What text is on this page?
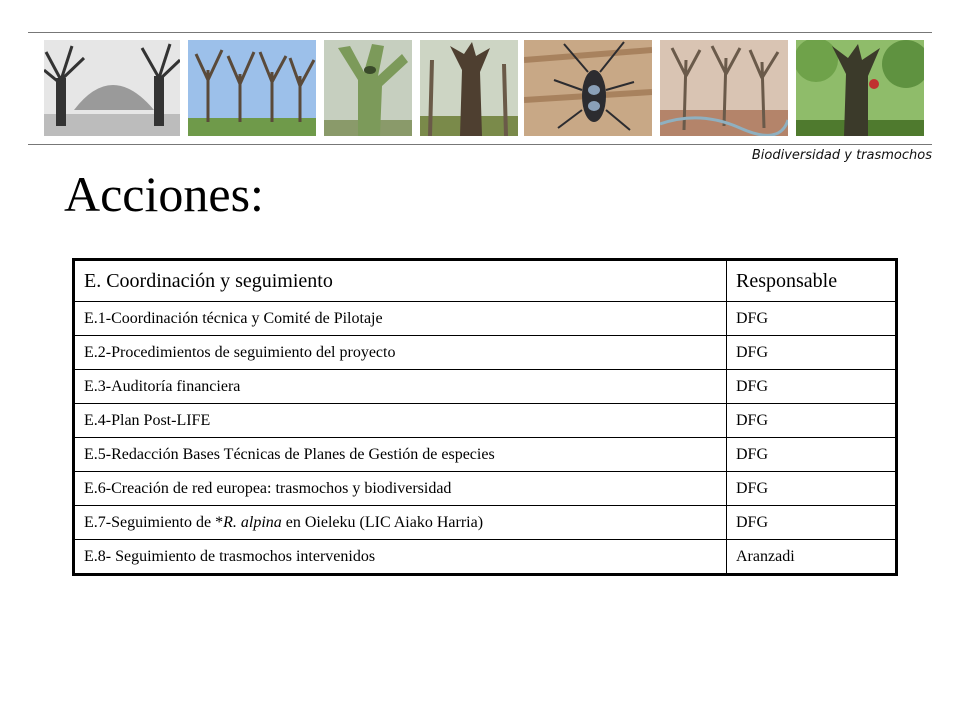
Biodiversidad y trasmochos
Acciones:
E. Coordinación y seguimiento	Responsable
E.1-Coordinación técnica y Comité de Pilotaje	DFG
E.2-Procedimientos de seguimiento del proyecto	DFG
E.3-Auditoría financiera	DFG
E.4-Plan Post-LIFE	DFG
E.5-Redacción Bases Técnicas de Planes de Gestión de especies	DFG
E.6-Creación de red europea: trasmochos y biodiversidad	DFG
E.7-Seguimiento de *R. alpina en Oieleku (LIC Aiako Harria)	DFG
E.8- Seguimiento de trasmochos intervenidos	Aranzadi
